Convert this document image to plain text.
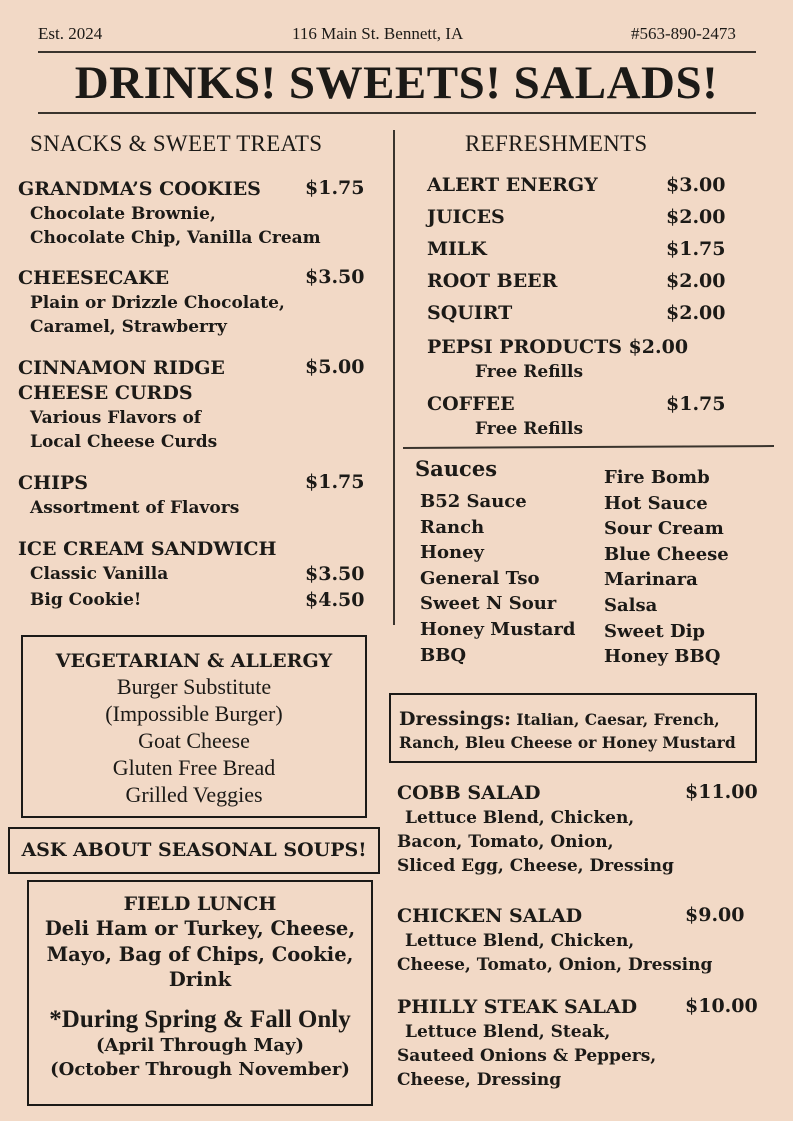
Est. 2024	116 Main St. Bennett, IA	#563-890-2473
DRINKS! SWEETS! SALADS!
SNACKS & SWEET TREATS
GRANDMA’S COOKIES	$1.75
Chocolate Brownie,
Chocolate Chip, Vanilla Cream
CHEESECAKE	$3.50
Plain or Drizzle Chocolate,
Caramel, Strawberry
CINNAMON RIDGE
CHEESE CURDS
$5.00
Various Flavors of
Local Cheese Curds
CHIPS	$1.75
Assortment of Flavors
ICE CREAM SANDWICH
Classic Vanilla	$3.50
Big Cookie!	$4.50
VEGETARIAN & ALLERGY
Burger Substitute
(Impossible Burger)
Goat Cheese
Gluten Free Bread
Grilled Veggies
ASK ABOUT SEASONAL SOUPS!
FIELD LUNCH
Deli Ham or Turkey, Cheese,
Mayo, Bag of Chips, Cookie,
Drink
*During Spring & Fall Only
(April Through May)
(October Through November)
REFRESHMENTS
ALERT ENERGY	$3.00
JUICES	$2.00
MILK	$1.75
ROOT BEER	$2.00
SQUIRT	$2.00
PEPSI PRODUCTS $2.00
Free Refills
COFFEE	$1.75
Free Refills
Sauces
B52 Sauce
Ranch
Honey
General Tso
Sweet N Sour
Honey Mustard
BBQ
Fire Bomb
Hot Sauce
Sour Cream
Blue Cheese
Marinara
Salsa
Sweet Dip
Honey BBQ
Dressings: Italian, Caesar, French,
Ranch, Bleu Cheese or Honey Mustard
COBB SALAD	$11.00
Lettuce Blend, Chicken,
Bacon, Tomato, Onion,
Sliced Egg, Cheese, Dressing
CHICKEN SALAD	$9.00
Lettuce Blend, Chicken,
Cheese, Tomato, Onion, Dressing
PHILLY STEAK SALAD	$10.00
Lettuce Blend, Steak,
Sauteed Onions & Peppers,
Cheese, Dressing
